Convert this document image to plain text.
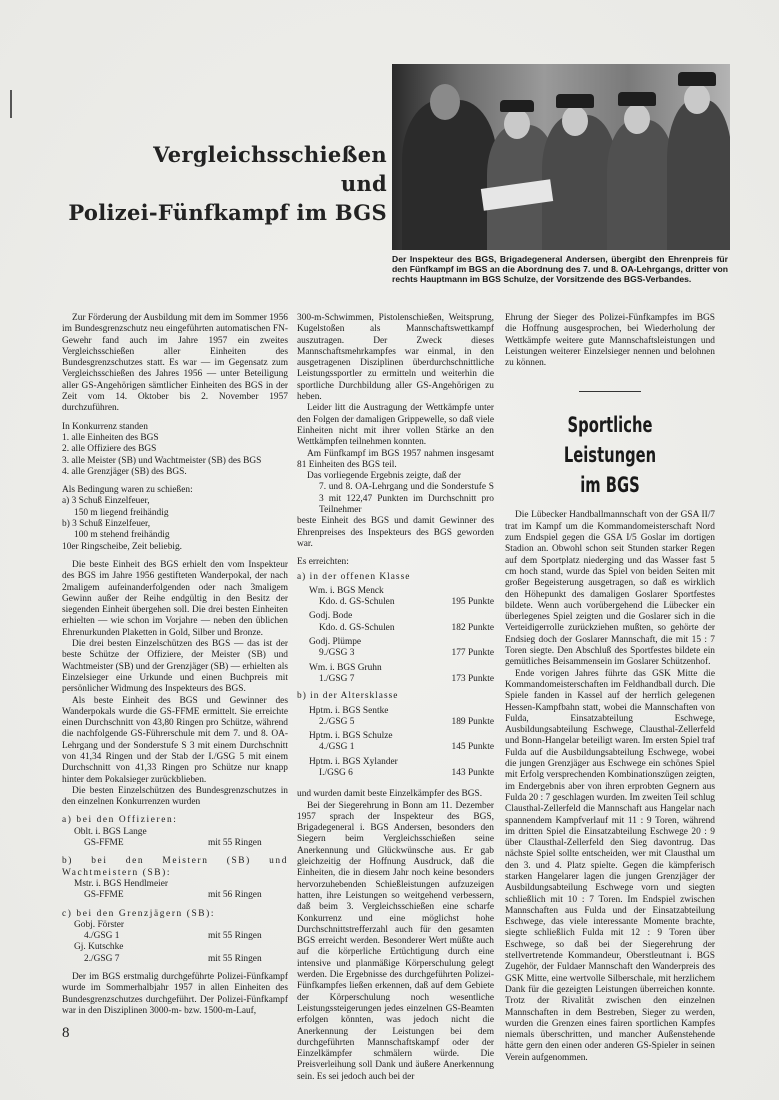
Vergleichsschießen
und
Polizei-Fünfkampf im BGS
Der Inspekteur des BGS, Brigadegeneral Andersen, übergibt den Ehrenpreis für den Fünfkampf im BGS an die Abordnung des 7. und 8. OA-Lehrgangs, dritter von rechts Hauptmann im BGS Schulze, der Vorsitzende des BGS-Verbandes.

Zur Förderung der Ausbildung mit dem im Sommer 1956 im Bundesgrenzschutz neu eingeführten automatischen FN-Gewehr fand auch im Jahre 1957 ein zweites Vergleichsschießen aller Einheiten des Bundesgrenzschutzes statt. Es war — im Gegensatz zum Vergleichsschießen des Jahres 1956 — unter Beteiligung aller GS-Angehörigen sämtlicher Einheiten des BGS in der Zeit vom 14. Oktober bis 2. November 1957 durchzuführen.

In Konkurrenz standen

1. alle Einheiten des BGS
2. alle Offiziere des BGS
3. alle Meister (SB) und Wachtmeister (SB) des BGS
4. alle Grenzjäger (SB) des BGS.

Als Bedingung waren zu schießen:

a) 3 Schuß Einzelfeuer,
150 m liegend freihändig
b) 3 Schuß Einzelfeuer,
100 m stehend freihändig
10er Ringscheibe, Zeit beliebig.

Die beste Einheit des BGS erhielt den vom Inspekteur des BGS im Jahre 1956 gestifteten Wanderpokal, der nach 2maligem aufeinanderfolgenden oder nach 3maligem Gewinn außer der Reihe endgültig in den Besitz der siegenden Einheit übergehen soll. Die drei besten Einheiten erhielten — wie schon im Vorjahre — neben den üblichen Ehrenurkunden Plaketten in Gold, Silber und Bronze.

Die drei besten Einzelschützen des BGS — das ist der beste Schütze der Offiziere, der Meister (SB) und Wachtmeister (SB) und der Grenzjäger (SB) — erhielten als Einzelsieger eine Urkunde und einen Buchpreis mit persönlicher Widmung des Inspekteurs des BGS.

Als beste Einheit des BGS und Gewinner des Wanderpokals wurde die GS-FFME ermittelt. Sie erreichte einen Durchschnitt von 43,80 Ringen pro Schütze, während die nachfolgende GS-Führerschule mit dem 7. und 8. OA-Lehrgang und der Sonderstufe S 3 mit einem Durchschnitt von 41,34 Ringen und der Stab der I./GSG 5 mit einem Durchschnitt von 41,33 Ringen pro Schütze nur knapp hinter dem Pokalsieger zurückblieben.

Die besten Einzelschützen des Bundesgrenzschutzes in den einzelnen Konkurrenzen wurden

a) bei den Offizieren:
Oblt. i. BGS Lange
GS-FFME	mit 55 Ringen
b) bei den Meistern (SB) und Wachtmeistern (SB):
Mstr. i. BGS Hendlmeier
GS-FFME	mit 56 Ringen
c) bei den Grenzjägern (SB):
Gobj. Förster
4./GSG 1	mit 55 Ringen
Gj. Kutschke
2./GSG 7	mit 55 Ringen

Der im BGS erstmalig durchgeführte Polizei-Fünfkampf wurde im Sommerhalbjahr 1957 in allen Einheiten des Bundesgrenzschutzes durchgeführt. Der Polizei-Fünfkampf war in den Disziplinen 3000-m- bzw. 1500-m-Lauf,

300-m-Schwimmen, Pistolenschießen, Weitsprung, Kugelstoßen als Mannschaftswettkampf auszutragen. Der Zweck dieses Mannschaftsmehrkampfes war einmal, in den ausgetragenen Disziplinen überdurchschnittliche Leistungssportler zu ermitteln und weiterhin die sportliche Durchbildung aller GS-Angehörigen zu heben.

Leider litt die Austragung der Wettkämpfe unter den Folgen der damaligen Grippewelle, so daß viele Einheiten nicht mit ihrer vollen Stärke an den Wettkämpfen teilnehmen konnten.

Am Fünfkampf im BGS 1957 nahmen insgesamt 81 Einheiten des BGS teil.

Das vorliegende Ergebnis zeigte, daß der

7. und 8. OA-Lehrgang und die Sonderstufe S 3 mit 122,47 Punkten im Durchschnitt pro Teilnehmer

beste Einheit des BGS und damit Gewinner des Ehrenpreises des Inspekteurs des BGS geworden war.

Es erreichten:

a) in der offenen Klasse
Wm. i. BGS Menck
Kdo. d. GS-Schulen	195 Punkte
Godj. Bode
Kdo. d. GS-Schulen	182 Punkte
Godj. Plümpe
9./GSG 3	177 Punkte
Wm. i. BGS Gruhn
1./GSG 7	173 Punkte
b) in der Altersklasse
Hptm. i. BGS Sentke
2./GSG 5	189 Punkte
Hptm. i. BGS Schulze
4./GSG 1	145 Punkte
Hptm. i. BGS Xylander
I./GSG 6	143 Punkte

und wurden damit beste Einzelkämpfer des BGS.

Bei der Siegerehrung in Bonn am 11. Dezember 1957 sprach der Inspekteur des BGS, Brigadegeneral i. BGS Andersen, besonders den Siegern beim Vergleichsschießen seine Anerkennung und Glückwünsche aus. Er gab gleichzeitig der Hoffnung Ausdruck, daß die Einheiten, die in diesem Jahr noch keine besonders hervorzuhebenden Schießleistungen aufzuzeigen hatten, ihre Leistungen so weitgehend verbessern, daß beim 3. Vergleichsschießen eine scharfe Konkurrenz und eine möglichst hohe Durchschnittstrefferzahl auch für den gesamten BGS erreicht werden. Besonderer Wert müßte auch auf die körperliche Ertüchtigung durch eine intensive und planmäßige Körperschulung gelegt werden. Die Ergebnisse des durchgeführten Polizei-Fünfkampfes ließen erkennen, daß auf dem Gebiete der Körperschulung noch wesentliche Leistungssteigerungen jedes einzelnen GS-Beamten erfolgen könnten, was jedoch nicht die Anerkennung der Leistungen bei dem durchgeführten Mannschaftskampf oder der Einzelkämpfer schmälern würde. Die Preisverleihung soll Dank und äußere Anerkennung sein. Es sei jedoch auch bei der

Ehrung der Sieger des Polizei-Fünfkampfes im BGS die Hoffnung ausgesprochen, bei Wiederholung der Wettkämpfe weitere gute Mannschaftsleistungen und Leistungen weiterer Einzelsieger nennen und belohnen zu können.

Sportliche Leistungen
im BGS

Die Lübecker Handballmannschaft von der GSA II/7 trat im Kampf um die Kommandomeisterschaft Nord zum Endspiel gegen die GSA I/5 Goslar im dortigen Stadion an. Obwohl schon seit Stunden starker Regen auf dem Sportplatz niederging und das Wasser fast 5 cm hoch stand, wurde das Spiel von beiden Seiten mit großer Begeisterung ausgetragen, so daß es wirklich den Höhepunkt des damaligen Goslarer Sportfestes bildete. Wenn auch vorübergehend die Lübecker ein überlegenes Spiel zeigten und die Goslarer sich in die Verteidigerrolle zurückziehen mußten, so gehörte der Endsieg doch der Goslarer Mannschaft, die mit 15 : 7 Toren siegte. Den Abschluß des Sportfestes bildete ein gemütliches Beisammensein im Goslarer Schützenhof.

Ende vorigen Jahres führte das GSK Mitte die Kommandomeisterschaften im Feldhandball durch. Die Spiele fanden in Kassel auf der herrlich gelegenen Hessen-Kampfbahn statt, wobei die Mannschaften von Fulda, Einsatzabteilung Eschwege, Ausbildungsabteilung Eschwege, Clausthal-Zellerfeld und Bonn-Hangelar beteiligt waren. Im ersten Spiel traf Fulda auf die Ausbildungsabteilung Eschwege, wobei die jungen Grenzjäger aus Eschwege ein schönes Spiel mit Erfolg versprechenden Kombinationszügen zeigten, im Endergebnis aber von ihren erprobten Gegnern aus Fulda 20 : 7 geschlagen wurden. Im zweiten Teil schlug Clausthal-Zellerfeld die Mannschaft aus Hangelar nach spannendem Kampfverlauf mit 11 : 9 Toren, während im dritten Spiel die Einsatzabteilung Eschwege 20 : 9 über Clausthal-Zellerfeld den Sieg davontrug. Das nächste Spiel sollte entscheiden, wer mit Clausthal um den 3. und 4. Platz spielte. Gegen die kämpferisch starken Hangelarer lagen die jungen Grenzjäger der Ausbildungsabteilung Eschwege vorn und siegten schließlich mit 10 : 7 Toren. Im Endspiel zwischen Mannschaften aus Fulda und der Einsatzabteilung Eschwege, das viele interessante Momente brachte, siegte schließlich Fulda mit 12 : 9 Toren über Eschwege, so daß bei der Siegerehrung der stellvertretende Kommandeur, Oberstleutnant i. BGS Zugehör, der Fuldaer Mannschaft den Wanderpreis des GSK Mitte, eine wertvolle Silberschale, mit herzlichem Dank für die gezeigten Leistungen überreichen konnte. Trotz der Rivalität zwischen den einzelnen Mannschaften in dem Bestreben, Sieger zu werden, wurden die Grenzen eines fairen sportlichen Kampfes niemals überschritten, und mancher Außenstehende hätte gern den einen oder anderen GS-Spieler in seinen Verein aufgenommen.

8
